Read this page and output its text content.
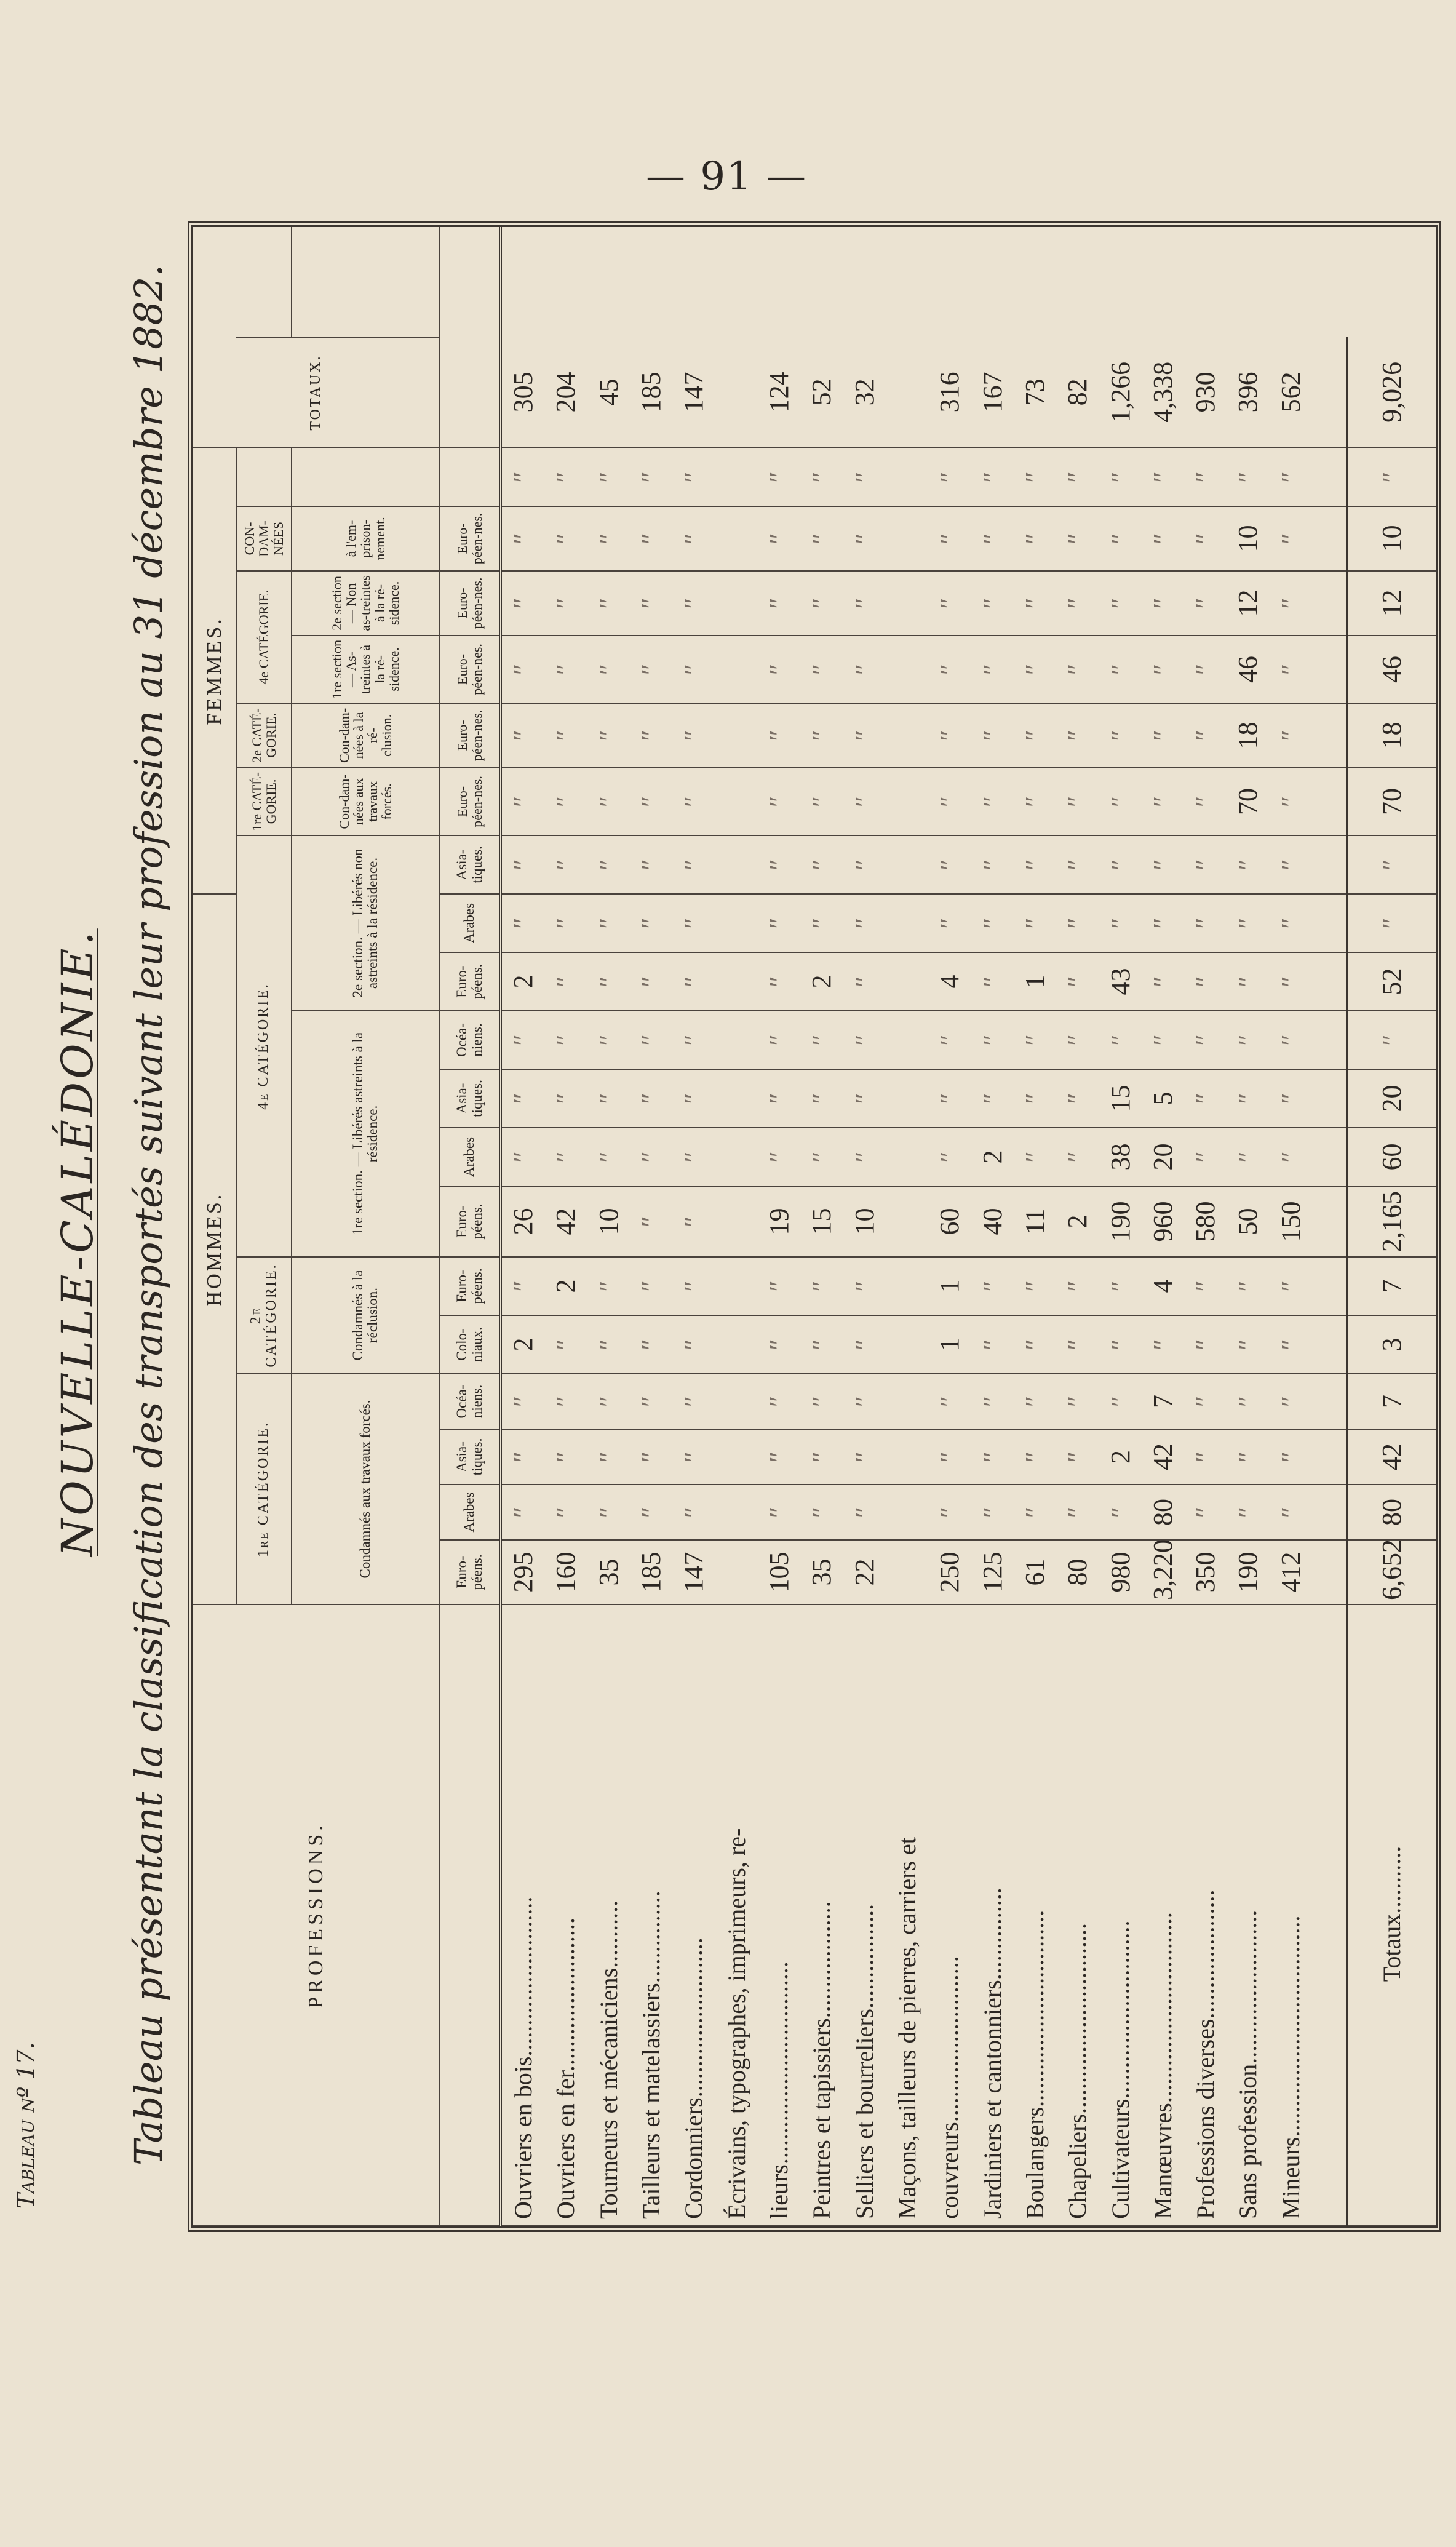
— 91 —
Tableau nº 17.
NOUVELLE-CALÉDONIE. Tableau présentant la classification des transportés suivant leur profession au 31 décembre 1882.	PROFESSIONS.	HOMMES.												FEMMES.							TOTAUX.	
	1re CATÉGORIE.				2e CATÉGORIE.		4e CATÉGORIE.							1re CATÉ-GORIE.	2e CATÉ-GORIE.	4e CATÉGORIE.		CON-DAM- NÉES			
	Condamnés aux travaux forcés.				Condamnés à la réclusion.		1re section. — Libérés astreints à la résidence.				2e section. — Libérés non astreints à la résidence.			Con-dam-nées aux travaux forcés.	Con-dam-nées à la ré-clusion.	1re section — As-treintes à la ré-sidence.	2e section — Non as-treintes à la ré-sidence.	à l'em-prison-nement.			
	Euro-péens.	Arabes	Asia-tiques.	Océa-niens.	Colo-niaux.	Euro-péens.	Euro-péens.	Arabes	Asia-tiques.	Océa-niens.	Euro-péens.	Arabes	Asia-tiques.	Euro-péen-nes.	Euro-péen-nes.	Euro-péen-nes.	Euro-péen-nes.	Euro-péen-nes.			
Ouvriers en bois..........................	295	″	″	″	2	″	26	″	″	″	2	″	″	″	″	″	″	″	″	305	
Ouvriers en fer.........................	160	″	″	″	″	2	42	″	″	″	″	″	″	″	″	″	″	″	″	204	
Tourneurs et mécaniciens...........	35	″	″	″	″	″	10	″	″	″	″	″	″	″	″	″	″	″	″	45	
Tailleurs et matelassiers...............	185	″	″	″	″	″	″	″	″	″	″	″	″	″	″	″	″	″	″	185	
Cordonniers..........................	147	″	″	″	″	″	″	″	″	″	″	″	″	″	″	″	″	″	″	147	
Écrivains, typographes, imprimeurs, re-																					
lieurs.................................	105	″	″	″	″	″	19	″	″	″	″	″	″	″	″	″	″	″	″	124	
Peintres et tapissiers...................	35	″	″	″	″	″	15	″	″	″	2	″	″	″	″	″	″	″	″	52	
Selliers et bourreliers.................	22	″	″	″	″	″	10	″	″	″	″	″	″	″	″	″	″	″	″	32	
Maçons, tailleurs de pierres, carriers et																					
couvreurs...........................	250	″	″	″	1	1	60	″	″	″	4	″	″	″	″	″	″	″	″	316	
Jardiniers et cantonniers...............	125	″	″	″	″	″	40	2	″	″	″	″	″	″	″	″	″	″	″	167	
Boulangers................................	61	″	″	″	″	″	11	″	″	″	1	″	″	″	″	″	″	″	″	73	
Chapeliers...............................	80	″	″	″	″	″	2	″	″	″	″	″	″	″	″	″	″	″	″	82	
Cultivateurs.............................	980	″	2	″	″	″	190	38	15	″	43	″	″	″	″	″	″	″	″	1,266	
Manœuvres...............................	3,220	80	42	7	″	4	960	20	5	″	″	″	″	″	″	″	″	″	″	4,338	
Professions diverses.....................	350	″	″	″	″	″	580	″	″	″	″	″	″	″	″	″	″	″	″	930	
Sans profession.........................	190	″	″	″	″	″	50	″	″	″	″	″	″	70	18	46	12	10	″	396	
Mineurs....................................	412	″	″	″	″	″	150	″	″	″	″	″	″	″	″	″	″	″	″	562	

Totaux...........	6,652	80	42	7	3	7	2,165	60	20	″	52	″	″	70	18	46	12	10	″	9,026	
